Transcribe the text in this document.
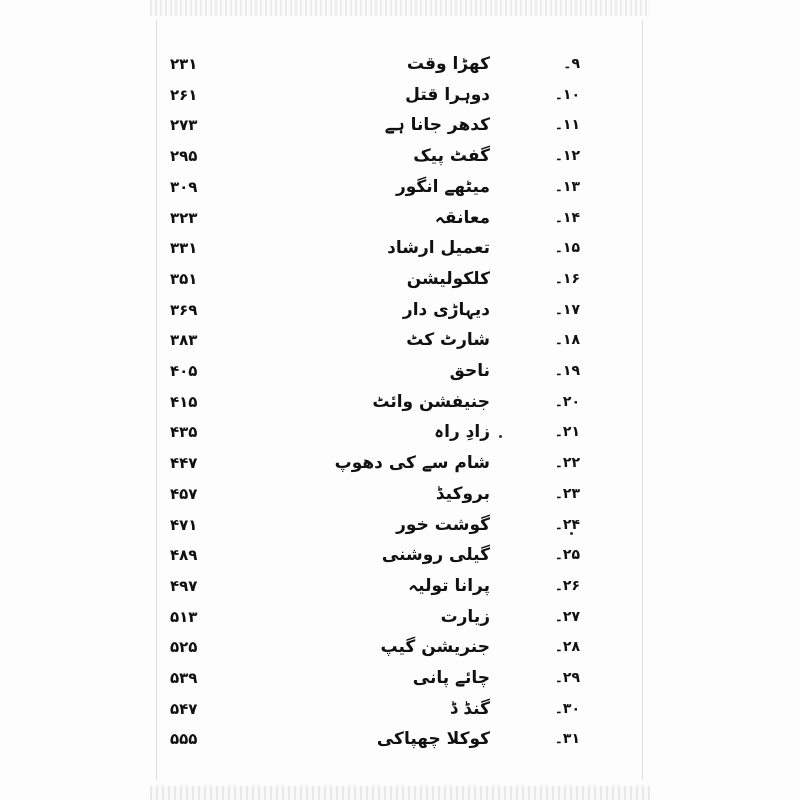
۲۳۱	کھڑا وقت	۹۔
۲۶۱	دوہرا قتل	۱۰۔
۲۷۳	کدھر جانا ہے	۱۱۔
۲۹۵	گفٹ پیک	۱۲۔
۳۰۹	میٹھے انگور	۱۳۔
۳۲۳	معانقہ	۱۴۔
۳۳۱	تعمیل ارشاد	۱۵۔
۳۵۱	کلکولیشن	۱۶۔
۳۶۹	دیہاڑی دار	۱۷۔
۳۸۳	شارٹ کٹ	۱۸۔
۴۰۵	ناحق	۱۹۔
۴۱۵	جنیفشن وائٹ	۲۰۔
۴۳۵	زادِ راہ	۲۱۔
۴۴۷	شام سے کی دھوپ	۲۲۔
۴۵۷	بروکیڈ	۲۳۔
۴۷۱	گوشت خور	۲۴۔
۴۸۹	گیلی روشنی	۲۵۔
۴۹۷	پرانا تولیہ	۲۶۔
۵۱۳	زیارت	۲۷۔
۵۲۵	جنریشن گیپ	۲۸۔
۵۳۹	چائے پانی	۲۹۔
۵۴۷	گنڈ ڈ	۳۰۔
۵۵۵	کوکلا چھپاکی	۳۱۔
